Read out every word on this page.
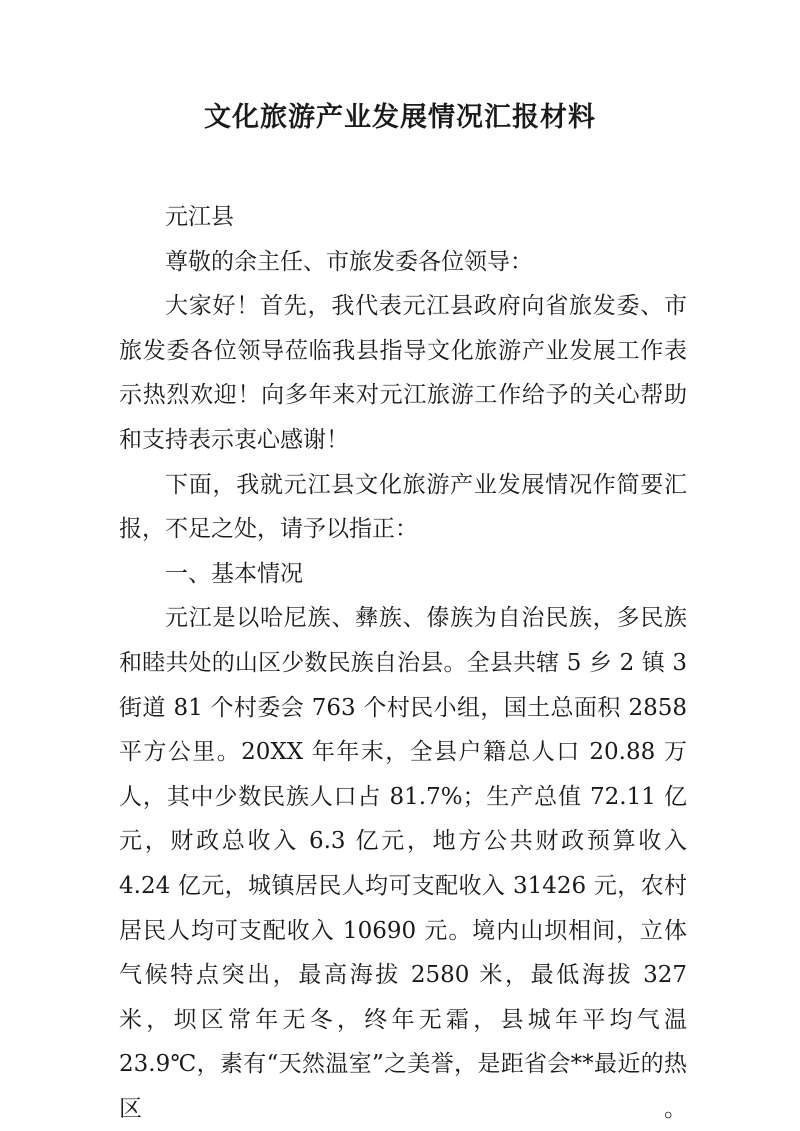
文化旅游产业发展情况汇报材料

元江县

尊敬的余主任、市旅发委各位领导：

大家好！首先，我代表元江县政府向省旅发委、市旅发委各位领导莅临我县指导文化旅游产业发展工作表示热烈欢迎！向多年来对元江旅游工作给予的关心帮助和支持表示衷心感谢！

下面，我就元江县文化旅游产业发展情况作简要汇报，不足之处，请予以指正：

一、基本情况

元江是以哈尼族、彝族、傣族为自治民族，多民族和睦共处的山区少数民族自治县。全县共辖 5 乡 2 镇 3 街道 81 个村委会 763 个村民小组，国土总面积 2858 平方公里。20XX 年年末，全县户籍总人口 20.88 万人，其中少数民族人口占 81.7%；生产总值 72.11 亿元，财政总收入 6.3 亿元，地方公共财政预算收入 4.24 亿元，城镇居民人均可支配收入 31426 元，农村居民人均可支配收入 10690 元。境内山坝相间，立体气候特点突出，最高海拔 2580 米，最低海拔 327 米，坝区常年无冬，终年无霜，县城年平均气温 23.9℃，素有“天然温室”之美誉，是距省会**最近的热区。
